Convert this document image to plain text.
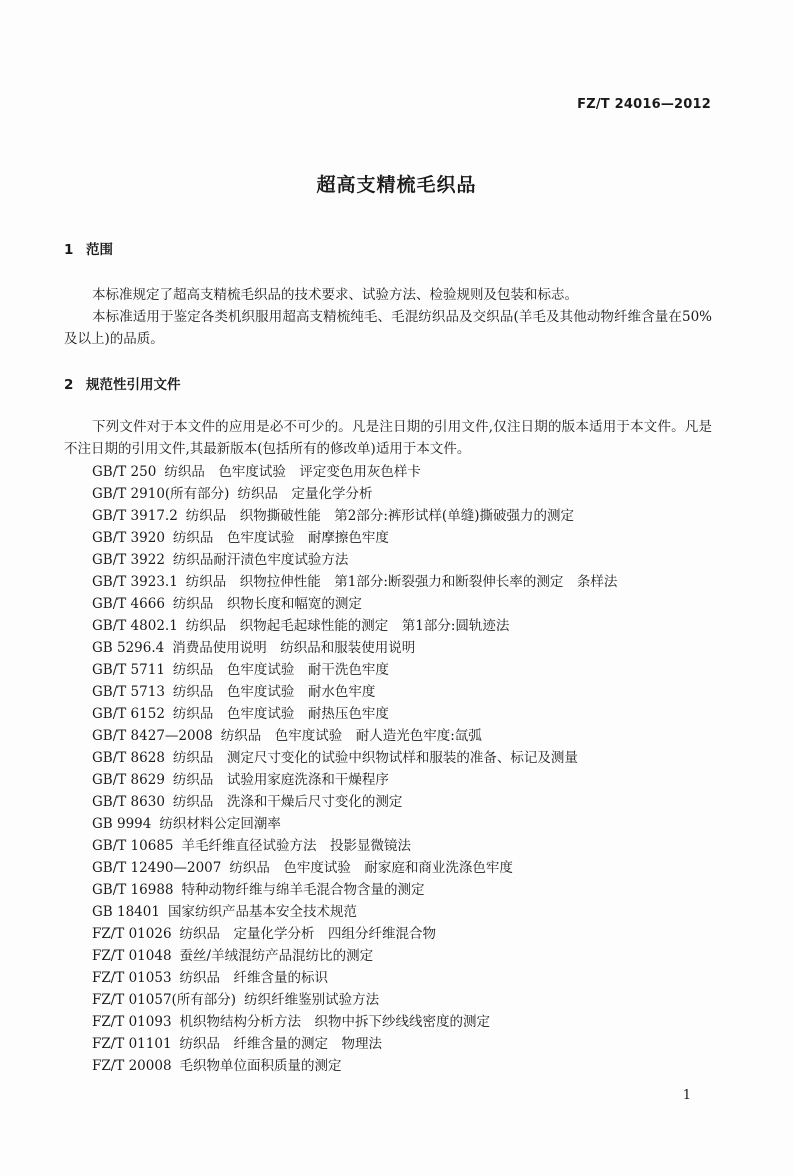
FZ/T 24016—2012
超高支精梳毛织品
1 范围
本标准规定了超高支精梳毛织品的技术要求、试验方法、检验规则及包装和标志。
本标准适用于鉴定各类机织服用超高支精梳纯毛、毛混纺织品及交织品(羊毛及其他动物纤维含量在50%及以上)的品质。
2 规范性引用文件
下列文件对于本文件的应用是必不可少的。凡是注日期的引用文件,仅注日期的版本适用于本文件。凡是不注日期的引用文件,其最新版本(包括所有的修改单)适用于本文件。
GB/T 250 纺织品　色牢度试验　评定变色用灰色样卡
GB/T 2910(所有部分) 纺织品　定量化学分析
GB/T 3917.2 纺织品　织物撕破性能　第2部分:裤形试样(单缝)撕破强力的测定
GB/T 3920 纺织品　色牢度试验　耐摩擦色牢度
GB/T 3922 纺织品耐汗渍色牢度试验方法
GB/T 3923.1 纺织品　织物拉伸性能　第1部分:断裂强力和断裂伸长率的测定　条样法
GB/T 4666 纺织品　织物长度和幅宽的测定
GB/T 4802.1 纺织品　织物起毛起球性能的测定　第1部分:圆轨迹法
GB 5296.4 消费品使用说明　纺织品和服装使用说明
GB/T 5711 纺织品　色牢度试验　耐干洗色牢度
GB/T 5713 纺织品　色牢度试验　耐水色牢度
GB/T 6152 纺织品　色牢度试验　耐热压色牢度
GB/T 8427—2008 纺织品　色牢度试验　耐人造光色牢度:氙弧
GB/T 8628 纺织品　测定尺寸变化的试验中织物试样和服装的准备、标记及测量
GB/T 8629 纺织品　试验用家庭洗涤和干燥程序
GB/T 8630 纺织品　洗涤和干燥后尺寸变化的测定
GB 9994 纺织材料公定回潮率
GB/T 10685 羊毛纤维直径试验方法　投影显微镜法
GB/T 12490—2007 纺织品　色牢度试验　耐家庭和商业洗涤色牢度
GB/T 16988 特种动物纤维与绵羊毛混合物含量的测定
GB 18401 国家纺织产品基本安全技术规范
FZ/T 01026 纺织品　定量化学分析　四组分纤维混合物
FZ/T 01048 蚕丝/羊绒混纺产品混纺比的测定
FZ/T 01053 纺织品　纤维含量的标识
FZ/T 01057(所有部分) 纺织纤维鉴别试验方法
FZ/T 01093 机织物结构分析方法　织物中拆下纱线线密度的测定
FZ/T 01101 纺织品　纤维含量的测定　物理法
FZ/T 20008 毛织物单位面积质量的测定
1
